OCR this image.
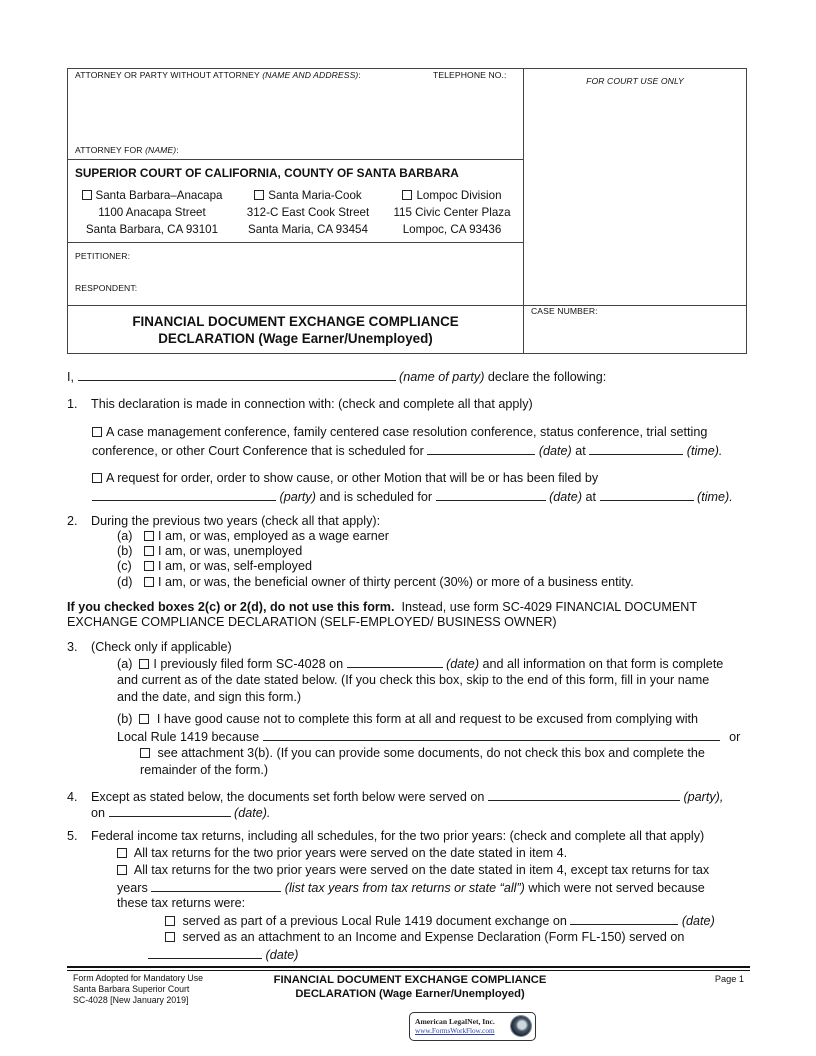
ATTORNEY OR PARTY WITHOUT ATTORNEY (NAME AND ADDRESS):	TELEPHONE NO.:
ATTORNEY FOR (NAME):
FOR COURT USE ONLY
SUPERIOR COURT OF CALIFORNIA, COUNTY OF SANTA BARBARA
Santa Barbara–Anacapa
1100 Anacapa Street
Santa Barbara, CA 93101
Santa Maria-Cook
312-C East Cook Street
Santa Maria, CA 93454
Lompoc Division
115 Civic Center Plaza
Lompoc, CA 93436
PETITIONER:
RESPONDENT:
FINANCIAL DOCUMENT EXCHANGE COMPLIANCE
DECLARATION (Wage Earner/Unemployed)
CASE NUMBER:
I,	(name of party) declare the following:
1. This declaration is made in connection with: (check and complete all that apply)
A case management conference, family centered case resolution conference, status conference, trial setting
conference, or other Court Conference that is scheduled for	(date) at	(time).
A request for order, order to show cause, or other Motion that will be or has been filed by
(party) and is scheduled for	(date) at	(time).
2. During the previous two years (check all that apply):
(a) I am, or was, employed as a wage earner
(b) I am, or was, unemployed
(c) I am, or was, self-employed
(d) I am, or was, the beneficial owner of thirty percent (30%) or more of a business entity.
If you checked boxes 2(c) or 2(d), do not use this form. Instead, use form SC-4029 FINANCIAL DOCUMENT
EXCHANGE COMPLIANCE DECLARATION (SELF-EMPLOYED/ BUSINESS OWNER)
3. (Check only if applicable)
(a) I previously filed form SC-4028 on	(date) and all information on that form is complete
and current as of the date stated below. (If you check this box, skip to the end of this form, fill in your name
and the date, and sign this form.)
(b) I have good cause not to complete this form at all and request to be excused from complying with
Local Rule 1419 because	or
see attachment 3(b). (If you can provide some documents, do not check this box and complete the
remainder of the form.)
4. Except as stated below, the documents set forth below were served on	(party),
on	(date).
5. Federal income tax returns, including all schedules, for the two prior years: (check and complete all that apply)
All tax returns for the two prior years were served on the date stated in item 4.
All tax returns for the two prior years were served on the date stated in item 4, except tax returns for tax
years	(list tax years from tax returns or state “all”) which were not served because
these tax returns were:
served as part of a previous Local Rule 1419 document exchange on	(date)
served as an attachment to an Income and Expense Declaration (Form FL-150) served on
(date)
Form Adopted for Mandatory Use
Santa Barbara Superior Court
SC-4028 [New January 2019]
FINANCIAL DOCUMENT EXCHANGE COMPLIANCE
DECLARATION (Wage Earner/Unemployed)
Page 1
American LegalNet, Inc.
www.FormsWorkFlow.com
